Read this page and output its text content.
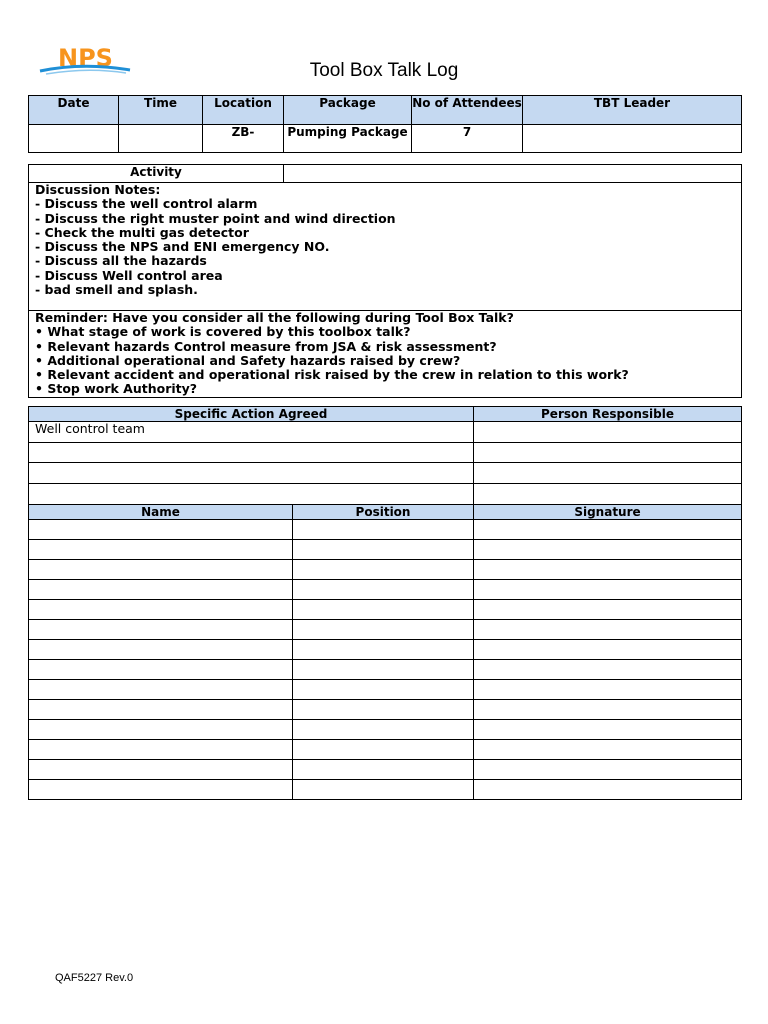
NPS	Tool Box Talk Log
Date	Time	Location	Package	No of Attendees	TBT Leader
		ZB-	Pumping Package	7	
Activity	

Discussion Notes:
- Discuss the well control alarm
- Discuss the right muster point and wind direction
- Check the multi gas detector
- Discuss the NPS and ENI emergency NO.
- Discuss all the hazards
- Discuss Well control area
- bad smell and splash.

Reminder: Have you consider all the following during Tool Box Talk?
• What stage of work is covered by this toolbox talk?
• Relevant hazards Control measure from JSA & risk assessment?
• Additional operational and Safety hazards raised by crew?
• Relevant accident and operational risk raised by the crew in relation to this work?
• Stop work Authority?
Specific Action Agreed	Person Responsible
Well control team	

Name	Position	Signature

QAF5227 Rev.0
